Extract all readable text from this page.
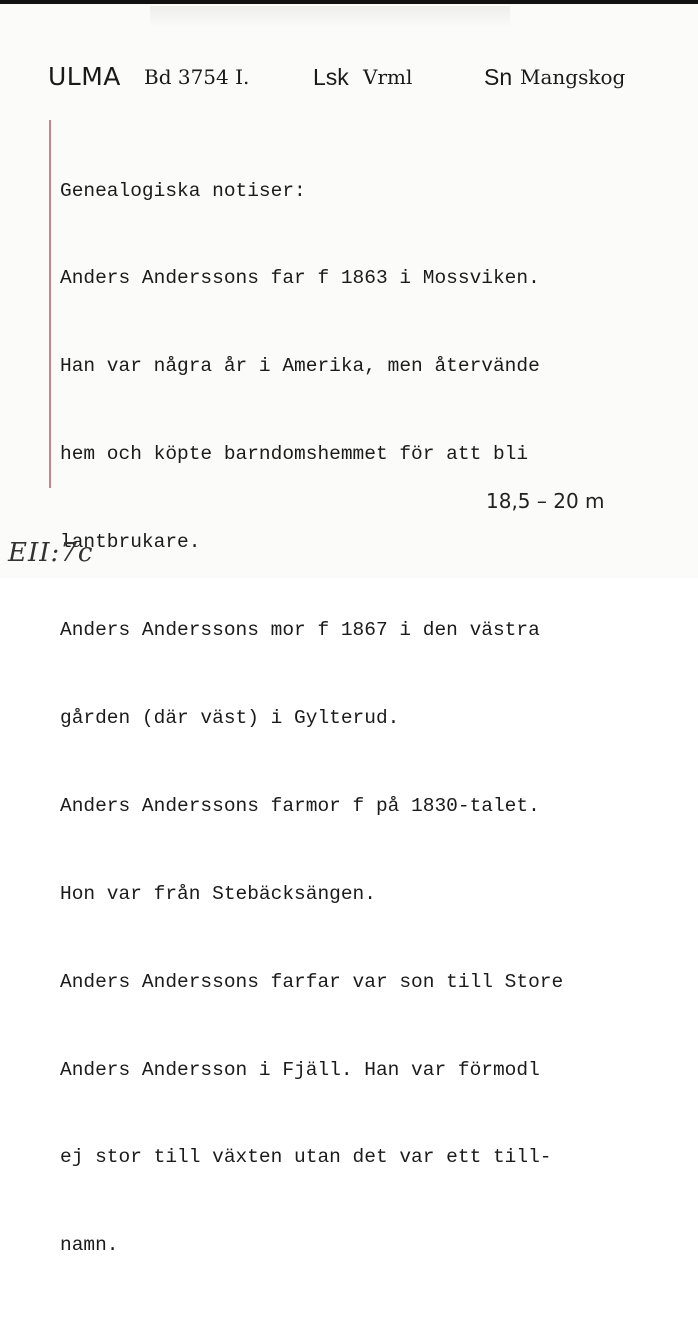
ULMA Bd 3754 I.	Lsk Vrml	Sn Mangskog

Genealogiska notiser:

Anders Anderssons far f 1863 i Mossviken.

Han var några år i Amerika, men återvände

hem och köpte barndomshemmet för att bli

lantbrukare.

Anders Anderssons mor f 1867 i den västra

gården (där väst) i Gylterud.

Anders Anderssons farmor f på 1830-talet.

Hon var från Stebäcksängen.

Anders Anderssons farfar var son till Store

Anders Andersson i Fjäll. Han var förmodl

ej stor till växten utan det var ett till-

namn.

18,5 – 20 m
EII:7c
